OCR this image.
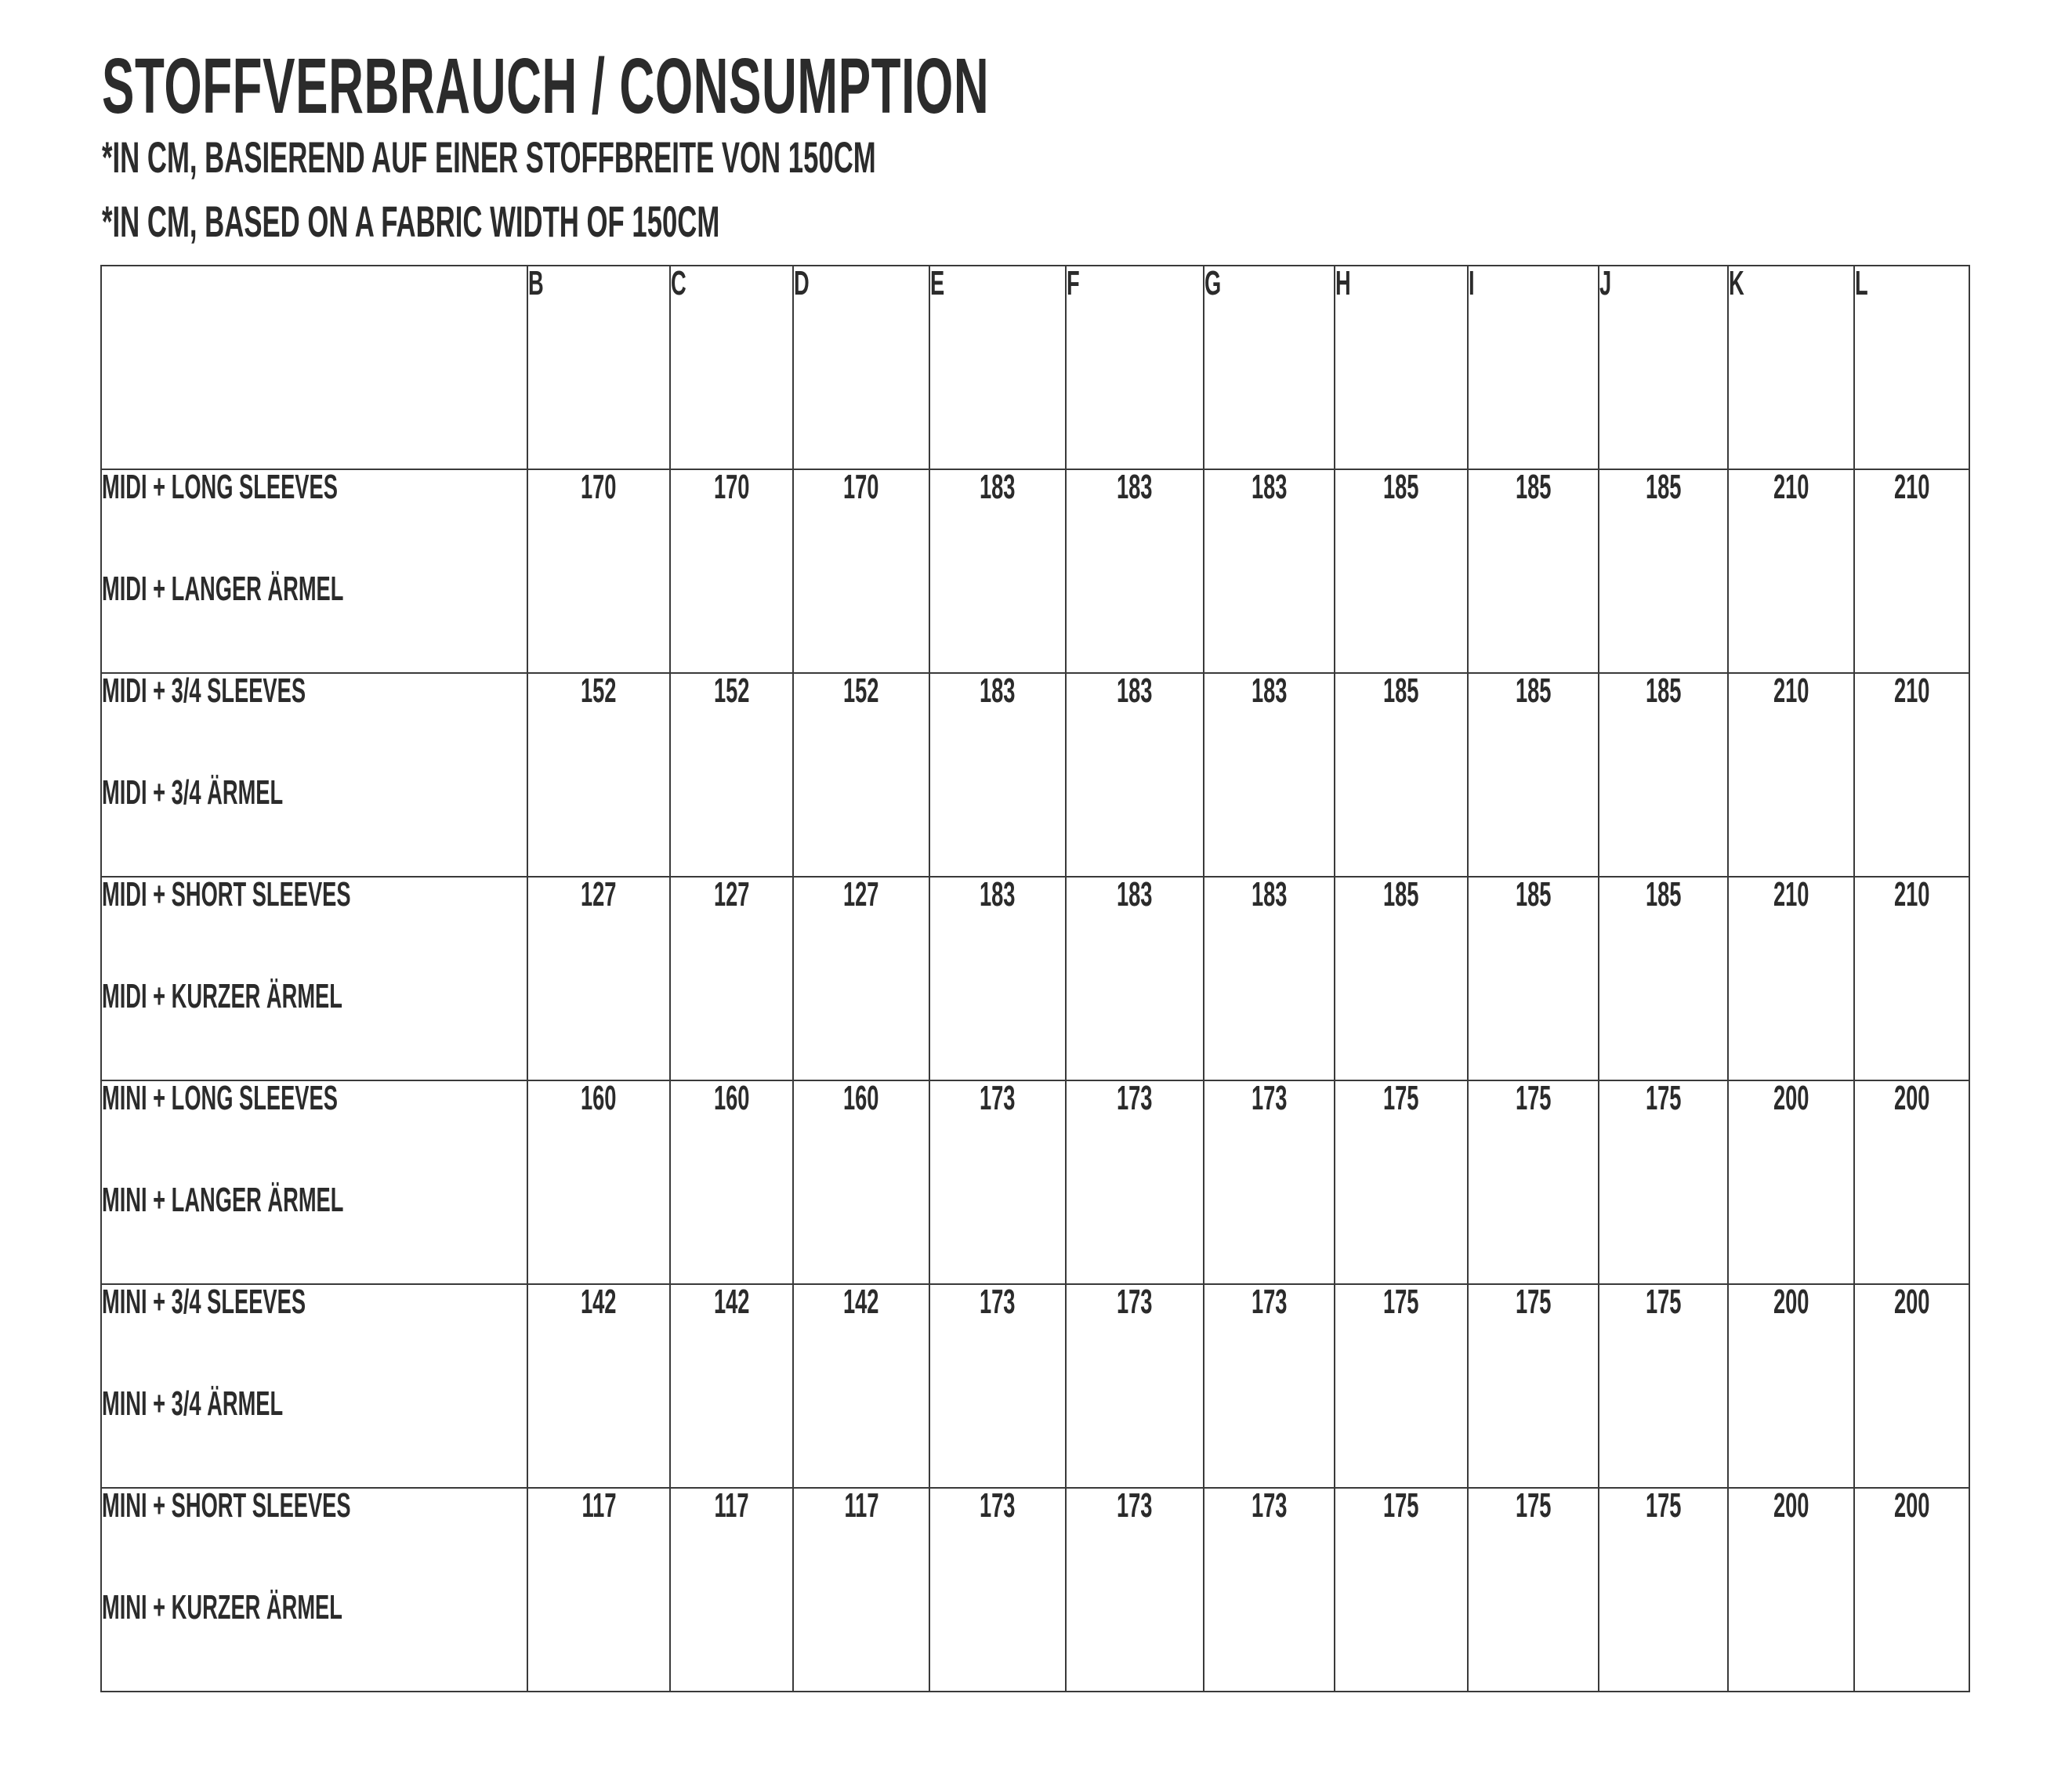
STOFFVERBRAUCH / CONSUMPTION
*IN CM, BASIEREND AUF EINER STOFFBREITE VON 150CM
*IN CM, BASED ON A FABRIC WIDTH OF 150CM
	B	C	D	E	F	G	H	I	J	K	L

MIDI + LONG SLEEVES
MIDI + LANGER ÄRMEL	170	170	170	183	183	183	185	185	185	210	210

MIDI + 3/4 SLEEVES
MIDI + 3/4 ÄRMEL	152	152	152	183	183	183	185	185	185	210	210

MIDI + SHORT SLEEVES
MIDI + KURZER ÄRMEL	127	127	127	183	183	183	185	185	185	210	210

MINI + LONG SLEEVES
MINI + LANGER ÄRMEL	160	160	160	173	173	173	175	175	175	200	200

MINI + 3/4 SLEEVES
MINI + 3/4 ÄRMEL	142	142	142	173	173	173	175	175	175	200	200

MINI + SHORT SLEEVES
MINI + KURZER ÄRMEL	117	117	117	173	173	173	175	175	175	200	200
